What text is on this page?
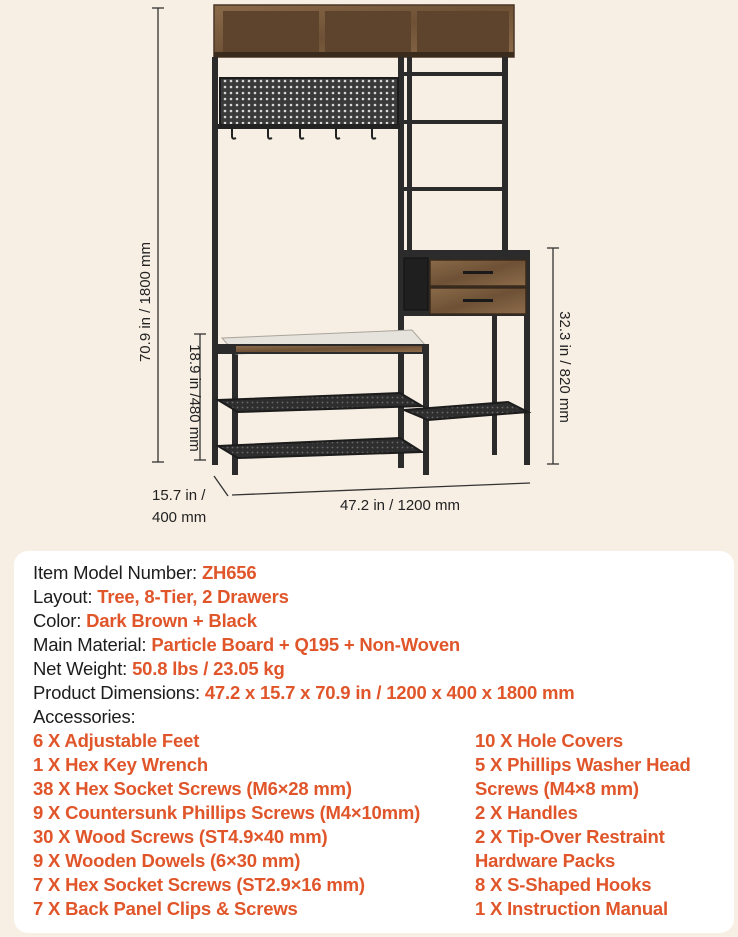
70.9 in / 1800 mm
18.9 in /480 mm	32.3 in / 820 mm
15.7 in /
400 mm
47.2 in / 1200 mm
Item Model Number: ZH656
Layout: Tree, 8-Tier, 2 Drawers
Color: Dark Brown + Black
Main Material: Particle Board + Q195 + Non-Woven
Net Weight: 50.8 lbs / 23.05 kg
Product Dimensions: 47.2 x 15.7 x 70.9 in / 1200 x 400 x 1800 mm
Accessories:
6 X Adjustable Feet
1 X Hex Key Wrench
38 X Hex Socket Screws (M6×28 mm)
9 X Countersunk Phillips Screws (M4×10mm)
30 X Wood Screws (ST4.9×40 mm)
9 X Wooden Dowels (6×30 mm)
7 X Hex Socket Screws (ST2.9×16 mm)
7 X Back Panel Clips & Screws
10 X Hole Covers
5 X Phillips Washer Head
Screws (M4×8 mm)
2 X Handles
2 X Tip-Over Restraint
Hardware Packs
8 X S-Shaped Hooks
1 X Instruction Manual
